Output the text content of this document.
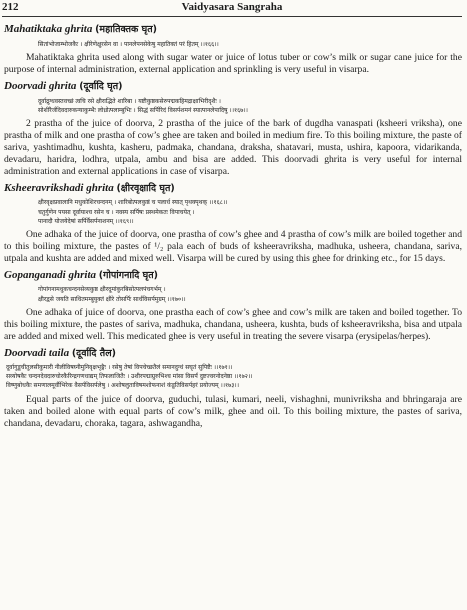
212	Vaidyasara Sangraha
Mahatiktaka ghrita (महातिक्तक घृत)
सितांभोजाम्भोजकैः । क्षीरेणेक्षुरसेन वा । पानलेपनसेकेषु महातिक्तं परं हितम् ।।१६६।।
Mahatiktaka ghrita used along with sugar water or juice of lotus tuber or cow’s milk or sugar cane juice for the purpose of internal administration, external application and sprinkling is very useful in visarpa.
Doorvadi ghrita (दूर्वादि घृत)
दूर्वाद्रुग्धवस्तवच्छं त्वचि रसे क्षीराद्भिते शारिबा । यष्टीकुष्ठकसेरुपद्मकहिमद्राक्षाभिरीदृशैः ।
सोशीरैर्जदिवदारुकन्याकुम्भैः लोध्रोत्पलाम्बुभिः । सिद्धं सर्पिरिदं विसर्पशमनं स्यात्पानलेपादिषु ।।१६७।।
2 prastha of the juice of doorva, 2 prastha of the juice of the bark of dugdha vanaspati (ksheeri vriksha), one prastha of milk and one prastha of cow’s ghee are taken and boiled in medium fire. To this boiling mixture, the paste of sariva, yashtimadhu, kushta, kasheru, padmaka, chandana, draksha, shatavari, musta, ushira, kapoora, vidarikanda, devadaru, haridra, lodhra, utpala, ambu and bisa are added. This doorvadi ghrita is very useful for internal administration and external applications in case of visarpa.
Ksheeravrikshadi ghrita (क्षीरवृक्षादि घृत)
क्षीरवृक्षप्रवालानि मधुकोशिरचन्दनम् । शारिबोत्पलकुष्ठं च पलार्ध स्यात् पृथक्पृथक् ।।१६८।।
चतुर्गुणेन पयसा दूर्वायाश्च रसेन च । नवस्य सर्पिषः प्रस्थमेकतः विपाचयेत् ।
पानादौ योजयेदेषां सर्पिर्वैसर्पनाशनम् ।।१६९।।
One adhaka of the juice of doorva, one prastha of cow’s ghee and 4 prastha of cow’s milk are boiled together and to this boiling mixture, the pastes of ¹/₂ pala each of buds of ksheeravriksha, madhuka, usheera, chandana, sariva, utpala and kushta are added and mixed well. Visarpa will be cured by using this ghee for drinking etc., for 15 days.
Gopanganadi ghrita (गोपांगनादि घृत)
गोपांगनामधुकचन्दनसेव्यकुष्ठ क्षीरदूमांकुरबिसोत्पलपंचगर्भम् ।
क्षीरद्वसे जयति साधितमम्बुयुक्तं क्षीरे तोसर्पिः सार्धविसर्पमुग्रम् ।।१७०।।
One adhaka of juice of doorva, one prastha each of cow’s ghee and cow’s milk are taken and boiled together. To this boiling mixture, the pastes of sariva, madhuka, chandana, usheera, kushta, buds of ksheeravriksha, bisa and utpala are added and mixed well. This medicated ghee is very useful in treating the severe visarpa (erysipelas/herpes).
Doorvadi taila (दूर्वादि तैल)
दूर्वागुडूचीतुलसीकुमारी नीलीविषघ्नीमुनिवृक्षभृङ्गैः । रसेषु तेषां विपचेच्छतैलं समानदुग्धं सघृतं सुपिष्टैः ।।१७१।।
सव्योषकैः चन्दनदेवदारुचोरकैरिन्द्रगणधाद्यम् तिफलाजितैः । उशीरपद्माग्रुरुभिश्च मांसा विसर्पं दुष्टज्वरनोदनेष्ठा ।।१७२।।
विष्णुबोधकैः समणालमूर्वीभिरेक वैसर्पविसर्पलेषु । अशोषलुताविषमशोफनाशं कंडूतिविसर्पहरं प्रयोज्यम् ।।१७३।।
Equal parts of the juice of doorva, guduchi, tulasi, kumari, neeli, vishaghni, munivriksha and bhringaraja are taken and boiled alone with equal parts of cow’s milk, ghee and oil. To this boiling mixture, the pastes of sariva, chandana, devadaru, choraka, tagara, ashwagandha,
